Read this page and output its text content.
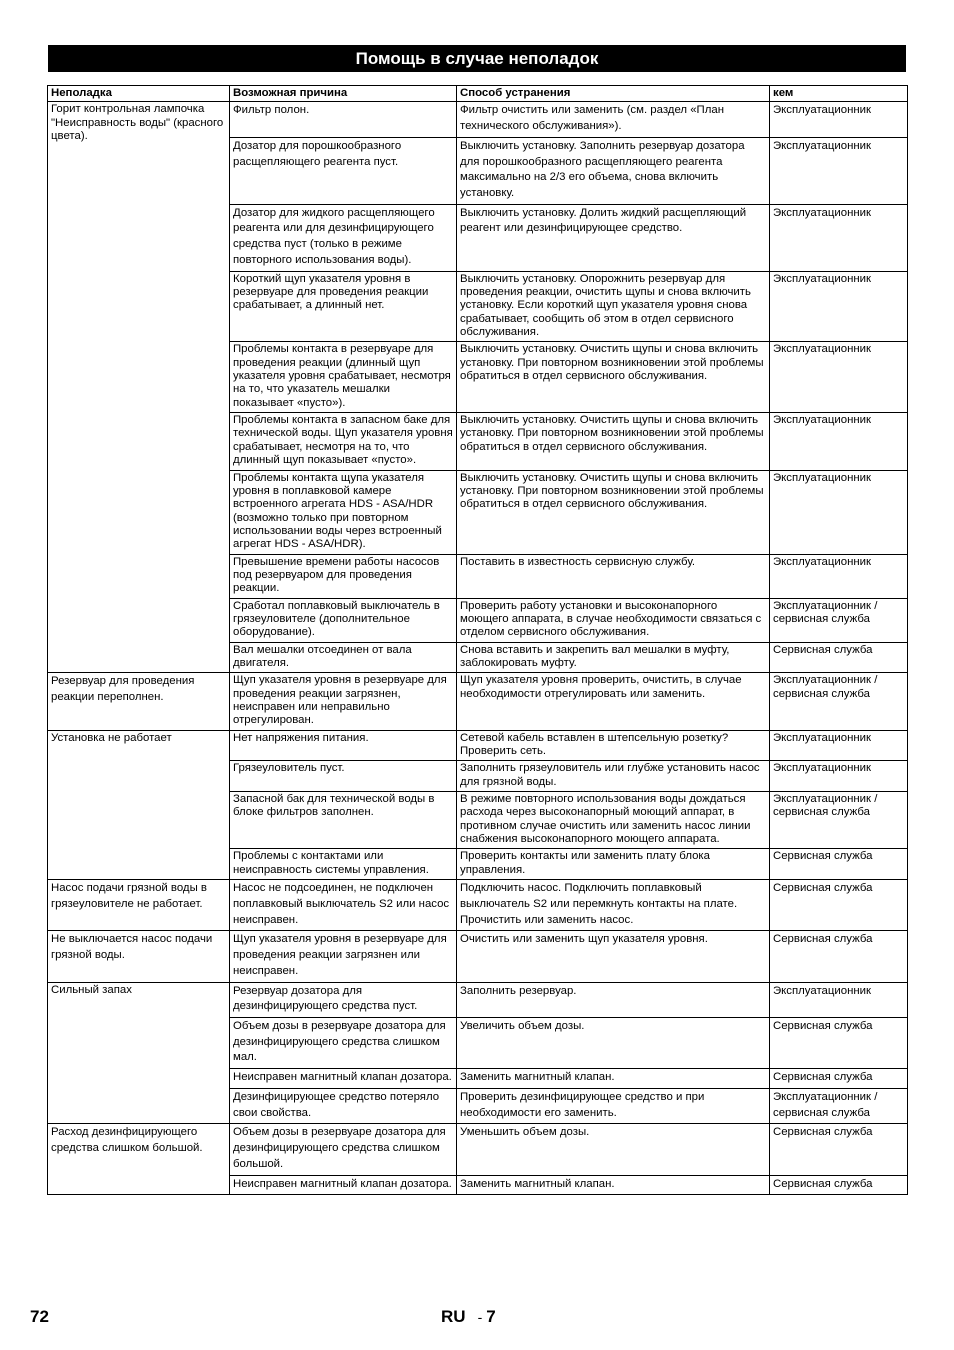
Помощь в случае неполадок
Неполадка	Возможная причина	Способ устранения	кем
Горит контрольная лампочка "Неисправность воды" (красного цвета).	Фильтр полон.	Фильтр очистить или заменить (см. раздел «План технического обслуживания»).	Эксплуатационник
	Дозатор для порошкообразного расщепляющего реагента пуст.	Выключить установку. Заполнить резервуар дозатора для порошкообразного расщепляющего реагента максимально на 2/3 его объема, снова включить установку.	Эксплуатационник
	Дозатор для жидкого расщепляющего реагента или для дезинфицирующего средства пуст (только в режиме повторного использования воды).	Выключить установку. Долить жидкий расщепляющий реагент или дезинфицирующее средство.	Эксплуатационник
	Короткий щуп указателя уровня в резервуаре для проведения реакции срабатывает, а длинный нет.	Выключить установку. Опорожнить резервуар для проведения реакции, очистить щупы и снова включить установку. Если короткий щуп указателя уровня снова срабатывает, сообщить об этом в отдел сервисного обслуживания.	Эксплуатационник
	Проблемы контакта в резервуаре для проведения реакции (длинный щуп указателя уровня срабатывает, несмотря на то, что указатель мешалки показывает «пусто»).	Выключить установку. Очистить щупы и снова включить установку. При повторном возникновении этой проблемы обратиться в отдел сервисного обслуживания.	Эксплуатационник
	Проблемы контакта в запасном баке для технической воды. Щуп указателя уровня срабатывает, несмотря на то, что длинный щуп показывает «пусто».	Выключить установку. Очистить щупы и снова включить установку. При повторном возникновении этой проблемы обратиться в отдел сервисного обслуживания.	Эксплуатационник
	Проблемы контакта щупа указателя уровня в поплавковой камере встроенного агрегата HDS - ASA/HDR (возможно только при повторном использовании воды через встроенный агрегат HDS - ASA/HDR).	Выключить установку. Очистить щупы и снова включить установку. При повторном возникновении этой проблемы обратиться в отдел сервисного обслуживания.	Эксплуатационник
	Превышение времени работы насосов под резервуаром для проведения реакции.	Поставить в известность сервисную службу.	Эксплуатационник
	Сработал поплавковый выключатель в грязеуловителе (дополнительное оборудование).	Проверить работу установки и высоконапорного моющего аппарата, в случае необходимости связаться с отделом сервисного обслуживания.	Эксплуатационник / сервисная служба
	Вал мешалки отсоединен от вала двигателя.	Снова вставить и закрепить вал мешалки в муфту, заблокировать муфту.	Сервисная служба
Резервуар для проведения реакции переполнен.	Щуп указателя уровня в резервуаре для проведения реакции загрязнен, неисправен или неправильно отрегулирован.	Щуп указателя уровня проверить, очистить, в случае необходимости отрегулировать или заменить.	Эксплуатационник / сервисная служба
Установка не работает	Нет напряжения питания.	Сетевой кабель вставлен в штепсельную розетку? Проверить сеть.	Эксплуатационник
	Грязеуловитель пуст.	Заполнить грязеуловитель или глубже установить насос для грязной воды.	Эксплуатационник
	Запасной бак для технической воды в блоке фильтров заполнен.	В режиме повторного использования воды дождаться расхода через высоконапорный моющий аппарат, в противном случае очистить или заменить насос линии снабжения высоконапорного моющего аппарата.	Эксплуатационник / сервисная служба
	Проблемы с контактами или неисправность системы управления.	Проверить контакты или заменить плату блока управления.	Сервисная служба
Насос подачи грязной воды в грязеуловителе не работает.	Насос не подсоединен, не подключен поплавковый выключатель S2 или насос неисправен.	Подключить насос. Подключить поплавковый выключатель S2 или перемкнуть контакты на плате. Прочистить или заменить насос.	Сервисная служба
Не выключается насос подачи грязной воды.	Щуп указателя уровня в резервуаре для проведения реакции загрязнен или неисправен.	Очистить или заменить щуп указателя уровня.	Сервисная служба
Сильный запах	Резервуар дозатора для дезинфицирующего средства пуст.	Заполнить резервуар.	Эксплуатационник
	Объем дозы в резервуаре дозатора для дезинфицирующего средства слишком мал.	Увеличить объем дозы.	Сервисная служба
	Неисправен магнитный клапан дозатора.	Заменить магнитный клапан.	Сервисная служба
	Дезинфицирующее средство потеряло свои свойства.	Проверить дезинфицирующее средство и при необходимости его заменить.	Эксплуатационник / сервисная служба
Расход дезинфицирующего средства слишком большой.	Объем дозы в резервуаре дозатора для дезинфицирующего средства слишком большой.	Уменьшить объем дозы.	Сервисная служба
	Неисправен магнитный клапан дозатора.	Заменить магнитный клапан.	Сервисная служба
72	RU - 7
